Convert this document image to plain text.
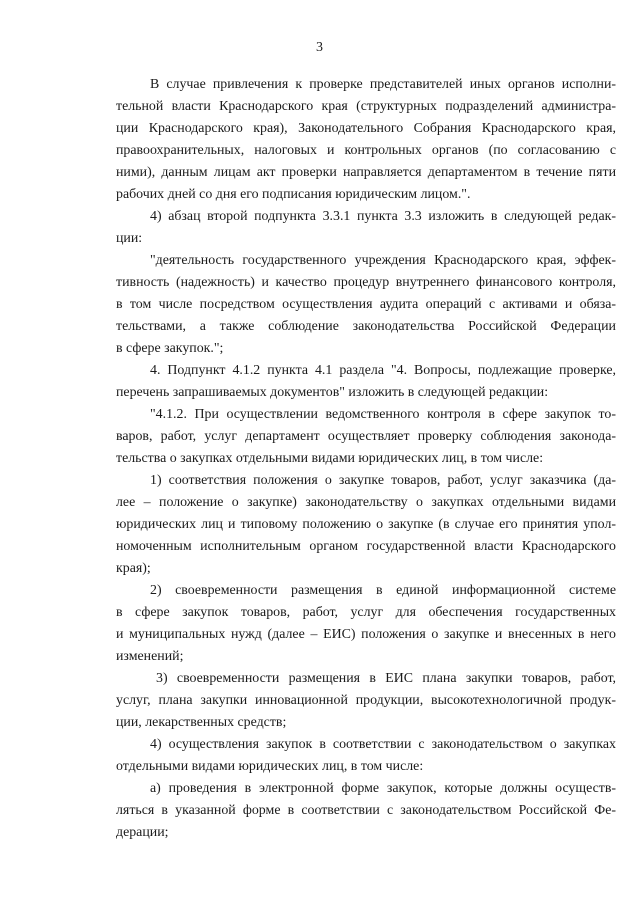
3
В случае привлечения к проверке представителей иных органов исполни-
тельной власти Краснодарского края (структурных подразделений администра-
ции Краснодарского края), Законодательного Собрания Краснодарского края,
правоохранительных, налоговых и контрольных органов (по согласованию с
ними), данным лицам акт проверки направляется департаментом в течение пяти
рабочих дней со дня его подписания юридическим лицом.".
4) абзац второй подпункта 3.3.1 пункта 3.3 изложить в следующей редак-
ции:
"деятельность государственного учреждения Краснодарского края, эффек-
тивность (надежность) и качество процедур внутреннего финансового контроля,
в том числе посредством осуществления аудита операций с активами и обяза-
тельствами, а также соблюдение законодательства Российской Федерации
в сфере закупок.";
4. Подпункт 4.1.2 пункта 4.1 раздела "4. Вопросы, подлежащие проверке,
перечень запрашиваемых документов" изложить в следующей редакции:
"4.1.2. При осуществлении ведомственного контроля в сфере закупок то-
варов, работ, услуг департамент осуществляет проверку соблюдения законода-
тельства о закупках отдельными видами юридических лиц, в том числе:
1) соответствия положения о закупке товаров, работ, услуг заказчика (да-
лее – положение о закупке) законодательству о закупках отдельными видами
юридических лиц и типовому положению о закупке (в случае его принятия упол-
номоченным исполнительным органом государственной власти Краснодарского
края);
2) своевременности размещения в единой информационной системе
в сфере закупок товаров, работ, услуг для обеспечения государственных
и муниципальных нужд (далее – ЕИС) положения о закупке и внесенных в него
изменений;
3) своевременности размещения в ЕИС плана закупки товаров, работ,
услуг, плана закупки инновационной продукции, высокотехнологичной продук-
ции, лекарственных средств;
4) осуществления закупок в соответствии с законодательством о закупках
отдельными видами юридических лиц, в том числе:
а) проведения в электронной форме закупок, которые должны осуществ-
ляться в указанной форме в соответствии с законодательством Российской Фе-
дерации;
